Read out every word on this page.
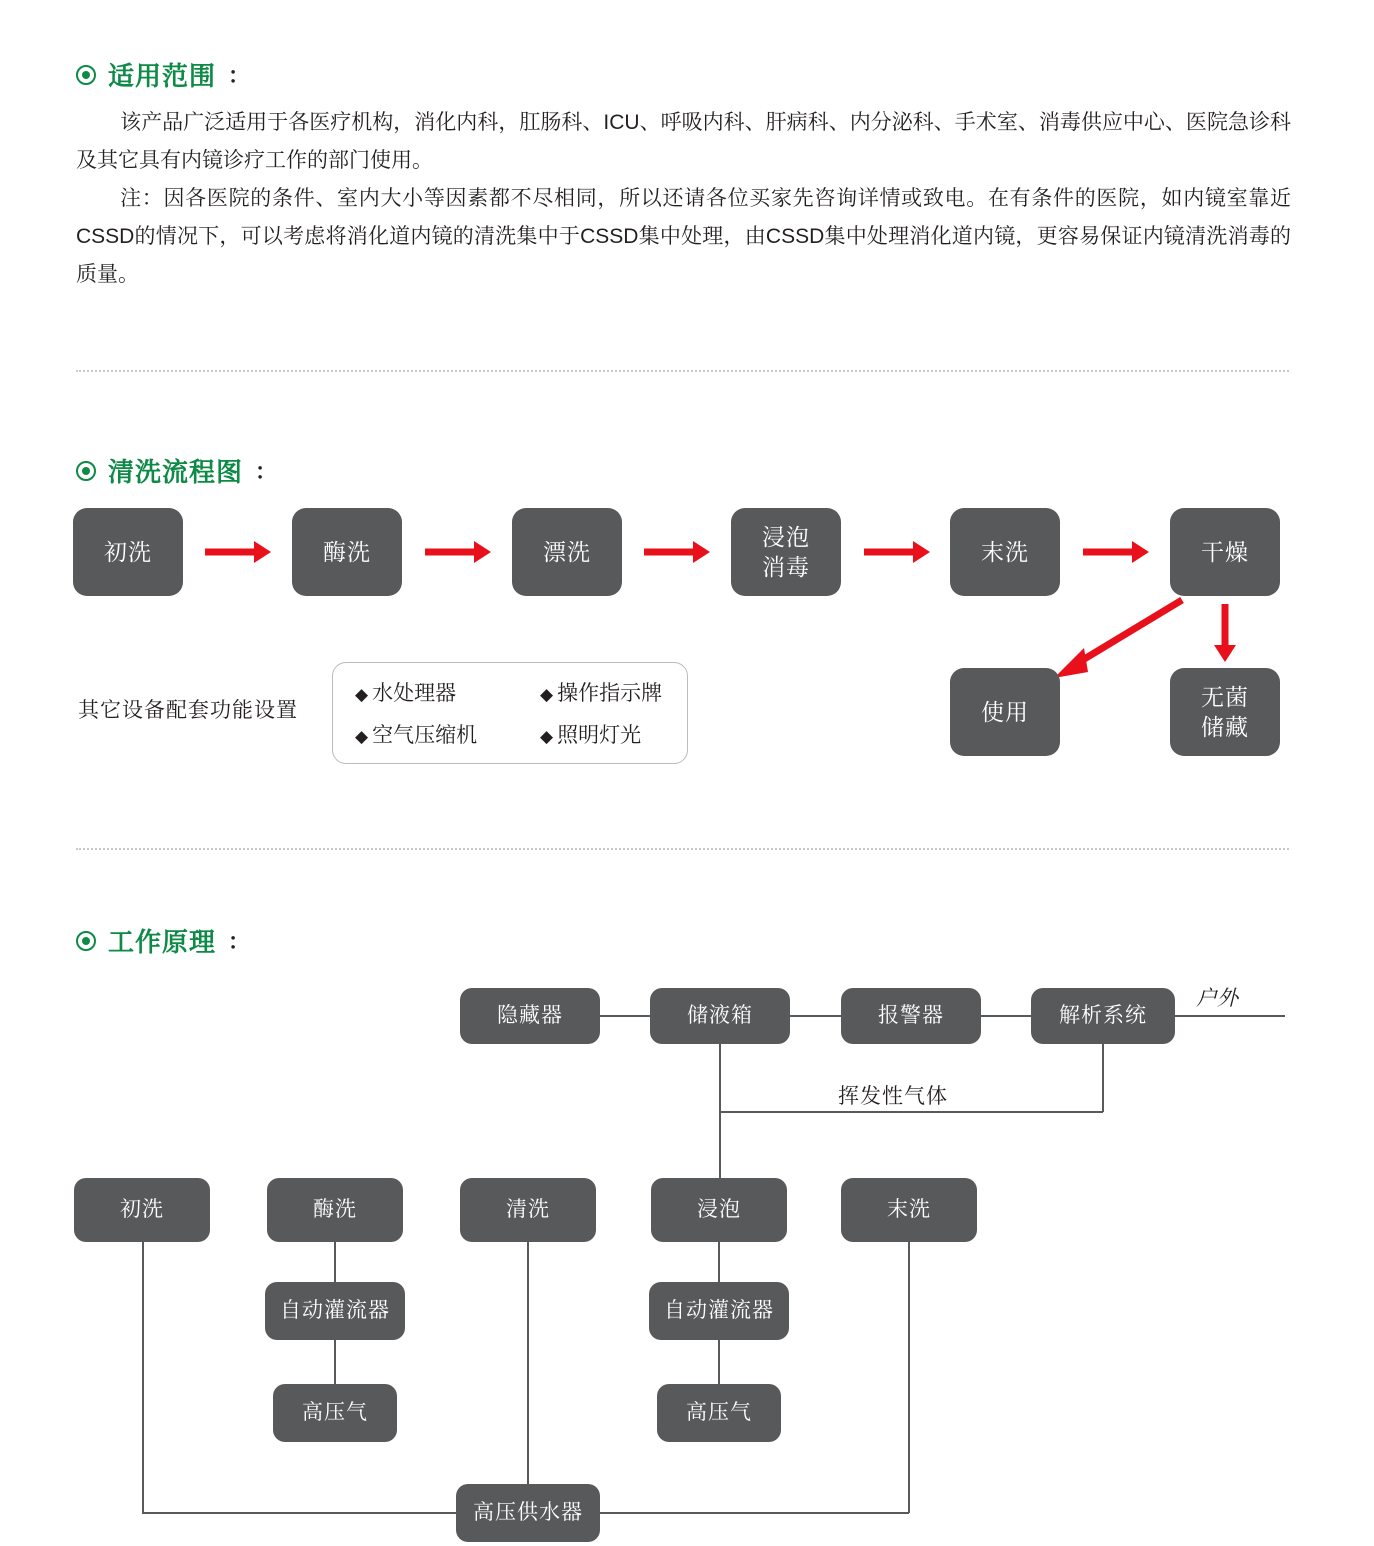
适用范围 ：

该产品广泛适用于各医疗机构，消化内科，肛肠科、ICU、呼吸内科、肝病科、内分泌科、手术室、消毒供应中心、医院急诊科及其它具有内镜诊疗工作的部门使用。

注：因各医院的条件、室内大小等因素都不尽相同，所以还请各位买家先咨询详情或致电。在有条件的医院，如内镜室靠近CSSD的情况下，可以考虑将消化道内镜的清洗集中于CSSD集中处理，由CSSD集中处理消化道内镜，更容易保证内镜清洗消毒的质量。

清洗流程图 ：
初洗	酶洗	漂洗
浸泡
消毒
末洗	干燥
使用
无菌
储藏
其它设备配套功能设置
◆ 水处理器	◆ 操作指示牌
◆ 空气压缩机	◆ 照明灯光
工作原理 ：
隐藏器	储液箱	报警器	解析系统
户外
挥发性气体
初洗	酶洗	清洗	浸泡	末洗
自动灌流器
高压气
自动灌流器
高压气
高压供水器
